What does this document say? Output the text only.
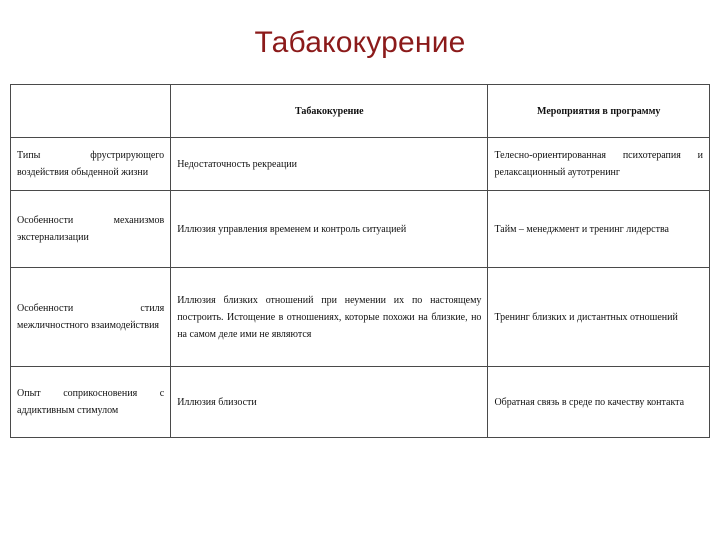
Табакокурение
	Табакокурение	Мероприятия в программу
Типы фрустрирующего воздействия обыденной жизни	Недостаточность рекреации	Телесно-ориентированная психотерапия и релаксационный аутотренинг
Особенности механизмов экстернализации	Иллюзия управления временем и контроль ситуацией	Тайм – менеджмент и тренинг лидерства
Особенности стиля межличностного взаимодействия	Иллюзия близких отношений при неумении их по настоящему построить. Истощение в отношениях, которые похожи на близкие, но на самом деле ими не являются	Тренинг близких и дистантных отношений
Опыт соприкосновения с аддиктивным стимулом	Иллюзия близости	Обратная связь в среде по качеству контакта
